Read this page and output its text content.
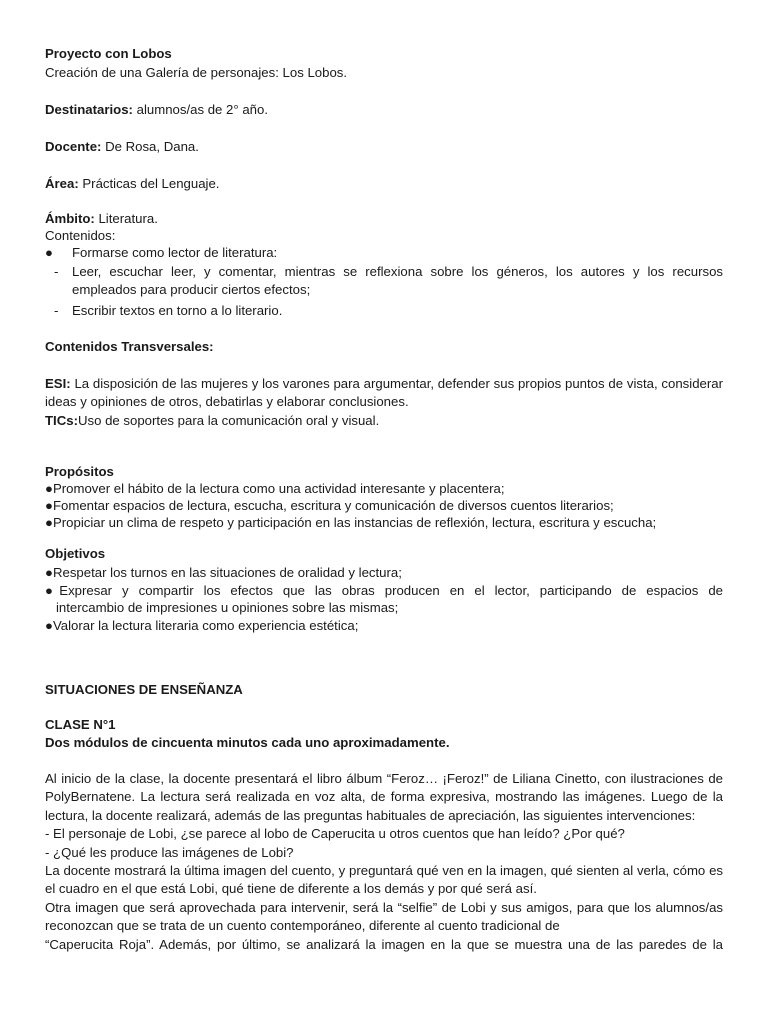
Proyecto con Lobos

Creación de una Galería de personajes: Los Lobos.

Destinatarios: alumnos/as de 2° año.

Docente: De Rosa, Dana.

Área: Prácticas del Lenguaje.

Ámbito: Literatura.

Contenidos:

● Formarse como lector de literatura:

- Leer, escuchar leer, y comentar, mientras se reflexiona sobre los géneros, los autores y los recursos empleados para producir ciertos efectos;

- Escribir textos en torno a lo literario.

Contenidos Transversales:

ESI: La disposición de las mujeres y los varones para argumentar, defender sus propios puntos de vista, considerar ideas y opiniones de otros, debatirlas y elaborar conclusiones.

TICs:Uso de soportes para la comunicación oral y visual.

Propósitos

●Promover el hábito de la lectura como una actividad interesante y placentera;
●Fomentar espacios de lectura, escucha, escritura y comunicación de diversos cuentos literarios;
●Propiciar un clima de respeto y participación en las instancias de reflexión, lectura, escritura y escucha;

Objetivos

●Respetar los turnos en las situaciones de oralidad y lectura;
●Expresar y compartir los efectos que las obras producen en el lector, participando de espacios de
intercambio de impresiones u opiniones sobre las mismas;
●Valorar la lectura literaria como experiencia estética;

SITUACIONES DE ENSEÑANZA

CLASE N°1

Dos módulos de cincuenta minutos cada uno aproximadamente.

Al inicio de la clase, la docente presentará el libro álbum “Feroz… ¡Feroz!” de Liliana Cinetto, con ilustraciones de PolyBernatene. La lectura será realizada en voz alta, de forma expresiva, mostrando las imágenes. Luego de la lectura, la docente realizará, además de las preguntas habituales de apreciación, las siguientes intervenciones:

- El personaje de Lobi, ¿se parece al lobo de Caperucita u otros cuentos que han leído? ¿Por qué?

- ¿Qué les produce las imágenes de Lobi?

La docente mostrará la última imagen del cuento, y preguntará qué ven en la imagen, qué sienten al verla, cómo es el cuadro en el que está Lobi, qué tiene de diferente a los demás y por qué será así.

Otra imagen que será aprovechada para intervenir, será la “selfie” de Lobi y sus amigos, para que los alumnos/as reconozcan que se trata de un cuento contemporáneo, diferente al cuento tradicional de

“Caperucita Roja”. Además, por último, se analizará la imagen en la que se muestra una de las paredes de la
